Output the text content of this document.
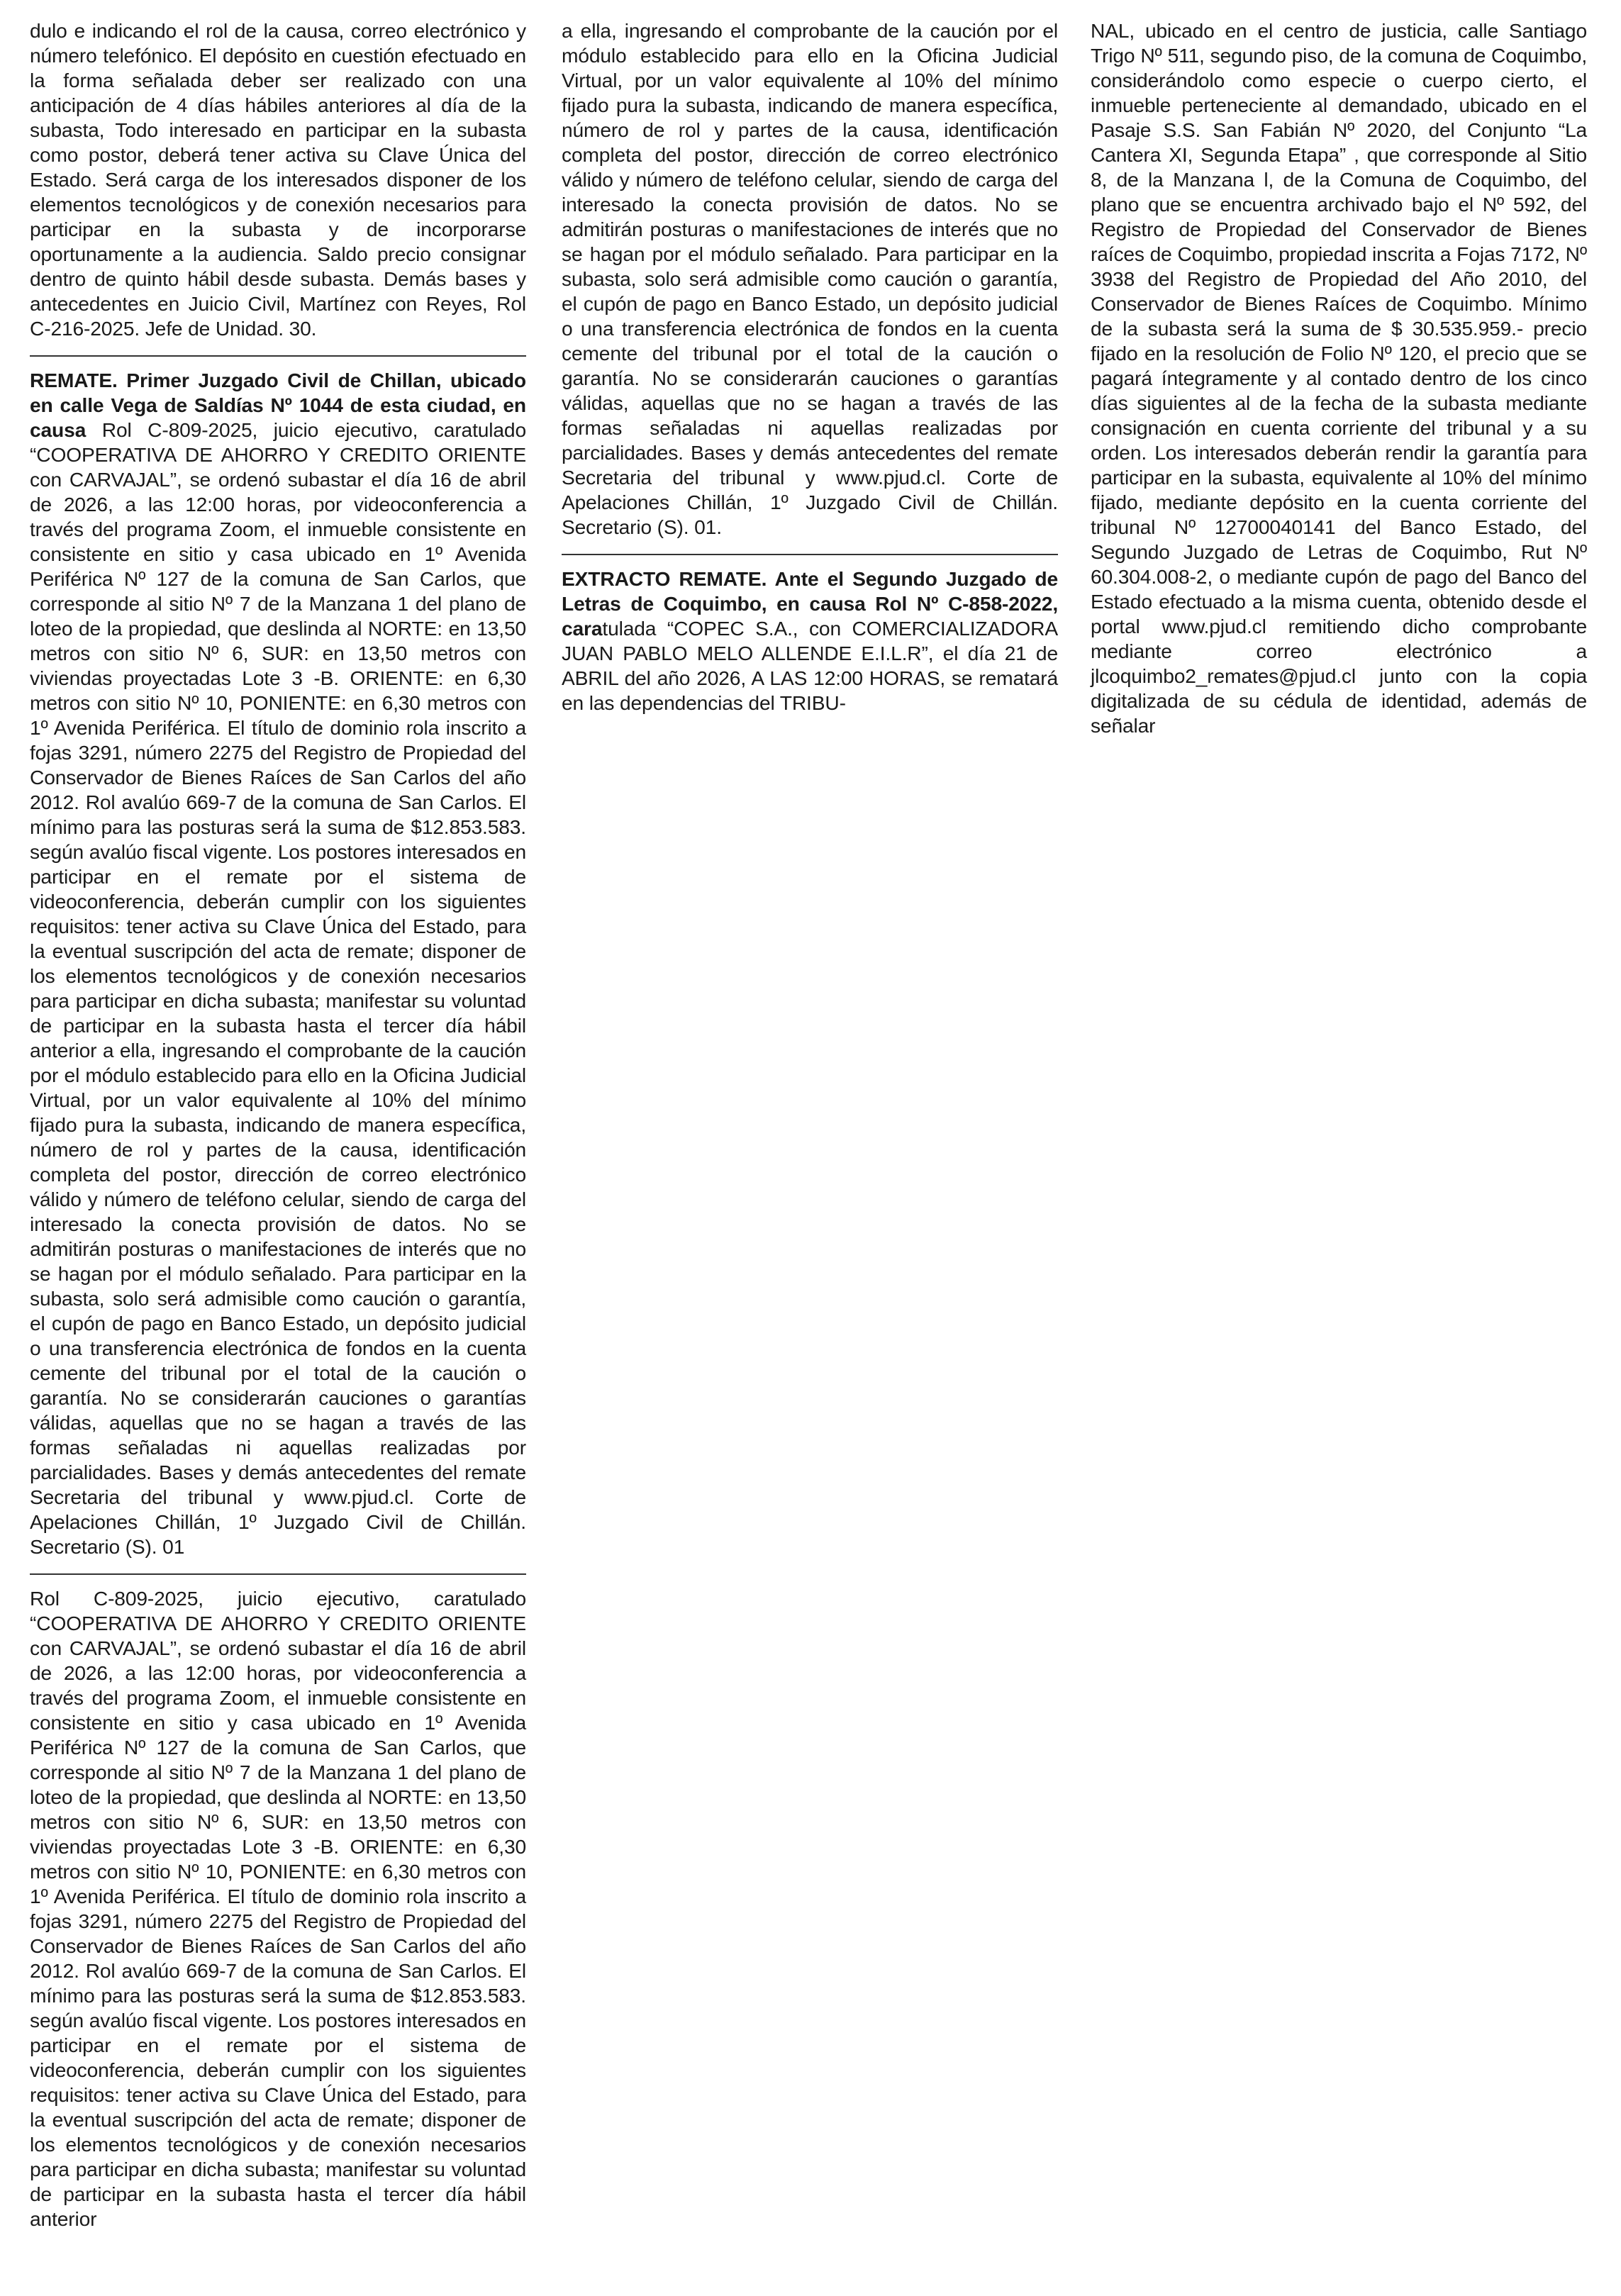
dulo e indicando el rol de la causa, correo electrónico y número telefónico. El depósito en cuestión efectuado en la forma señalada deber ser realizado con una anticipación de 4 días hábiles anteriores al día de la subasta, Todo interesado en participar en la subasta como postor, deberá tener activa su Clave Única del Estado. Será carga de los interesados disponer de los elementos tecnológicos y de conexión necesarios para participar en la subasta y de incorporarse oportunamente a la audiencia. Saldo precio consignar dentro de quinto hábil desde subasta. Demás bases y antecedentes en Juicio Civil, Martínez con Reyes, Rol C-216-2025. Jefe de Unidad. 30.

REMATE. Primer Juzgado Civil de Chillan, ubicado en calle Vega de Saldías Nº 1044 de esta ciudad, en causa Rol C-809-2025, juicio ejecutivo, caratulado “COOPERATIVA DE AHORRO Y CREDITO ORIENTE con CARVAJAL”, se ordenó subastar el día 16 de abril de 2026, a las 12:00 horas, por videoconferencia a través del programa Zoom, el inmueble consistente en consistente en sitio y casa ubicado en 1º Avenida Periférica Nº 127 de la comuna de San Carlos, que corresponde al sitio Nº 7 de la Manzana 1 del plano de loteo de la propiedad, que deslinda al NORTE: en 13,50 metros con sitio Nº 6, SUR: en 13,50 metros con viviendas proyectadas Lote 3 -B. ORIENTE: en 6,30 metros con sitio Nº 10, PONIENTE: en 6,30 metros con 1º Avenida Periférica. El título de dominio rola inscrito a fojas 3291, número 2275 del Registro de Propiedad del Conservador de Bienes Raíces de San Carlos del año 2012. Rol avalúo 669-7 de la comuna de San Carlos. El mínimo para las posturas será la suma de $12.853.583. según avalúo fiscal vigente. Los postores interesados en participar en el remate por el sistema de videoconferencia, deberán cumplir con los siguientes requisitos: tener activa su Clave Única del Estado, para la eventual suscripción del acta de remate; disponer de los elementos tecnológicos y de conexión necesarios para participar en dicha subasta; manifestar su voluntad de participar en la subasta hasta el tercer día hábil anterior a ella, ingresando el comprobante de la caución por el módulo establecido para ello en la Oficina Judicial Virtual, por un valor equivalente al 10% del mínimo fijado pura la subasta, indicando de manera específica, número de rol y partes de la causa, identificación completa del postor, dirección de correo electrónico válido y número de teléfono celular, siendo de carga del interesado la conecta provisión de datos. No se admitirán posturas o manifestaciones de interés que no se hagan por el módulo señalado. Para participar en la subasta, solo será admisible como caución o garantía, el cupón de pago en Banco Estado, un depósito judicial o una transferencia electrónica de fondos en la cuenta cemente del tribunal por el total de la caución o garantía. No se considerarán cauciones o garantías válidas, aquellas que no se hagan a través de las formas señaladas ni aquellas realizadas por parcialidades. Bases y demás antecedentes del remate Secretaria del tribunal y www.pjud.cl. Corte de Apelaciones Chillán, 1º Juzgado Civil de Chillán. Secretario (S). 01

Rol C-809-2025, juicio ejecutivo, caratulado “COOPERATIVA DE AHORRO Y CREDITO ORIENTE con CARVAJAL”, se ordenó subastar el día 16 de abril de 2026, a las 12:00 horas, por videoconferencia a través del programa Zoom, el inmueble consistente en consistente en sitio y casa ubicado en 1º Avenida Periférica Nº 127 de la comuna de San Carlos, que corresponde al sitio Nº 7 de la Manzana 1 del plano de loteo de la propiedad, que deslinda al NORTE: en 13,50 metros con sitio Nº 6, SUR: en 13,50 metros con viviendas proyectadas Lote 3 -B. ORIENTE: en 6,30 metros con sitio Nº 10, PONIENTE: en 6,30 metros con 1º Avenida Periférica. El título de dominio rola inscrito a fojas 3291, número 2275 del Registro de Propiedad del Conservador de Bienes Raíces de San Carlos del año 2012. Rol avalúo 669-7 de la comuna de San Carlos. El mínimo para las posturas será la suma de $12.853.583. según avalúo fiscal vigente. Los postores interesados en participar en el remate por el sistema de videoconferencia, deberán cumplir con los siguientes requisitos: tener activa su Clave Única del Estado, para la eventual suscripción del acta de remate; disponer de los elementos tecnológicos y de conexión necesarios para participar en dicha subasta; manifestar su voluntad de participar en la subasta hasta el tercer día hábil anterior

a ella, ingresando el comprobante de la caución por el módulo establecido para ello en la Oficina Judicial Virtual, por un valor equivalente al 10% del mínimo fijado pura la subasta, indicando de manera específica, número de rol y partes de la causa, identificación completa del postor, dirección de correo electrónico válido y número de teléfono celular, siendo de carga del interesado la conecta provisión de datos. No se admitirán posturas o manifestaciones de interés que no se hagan por el módulo señalado. Para participar en la subasta, solo será admisible como caución o garantía, el cupón de pago en Banco Estado, un depósito judicial o una transferencia electrónica de fondos en la cuenta cemente del tribunal por el total de la caución o garantía. No se considerarán cauciones o garantías válidas, aquellas que no se hagan a través de las formas señaladas ni aquellas realizadas por parcialidades. Bases y demás antecedentes del remate Secretaria del tribunal y www.pjud.cl. Corte de Apelaciones Chillán, 1º Juzgado Civil de Chillán. Secretario (S). 01.

EXTRACTO REMATE. Ante el Segundo Juzgado de Letras de Coquimbo, en causa Rol Nº C-858-2022, caratulada “COPEC S.A., con COMERCIALIZADORA JUAN PABLO MELO ALLENDE E.I.L.R”, el día 21 de ABRIL del año 2026, A LAS 12:00 HORAS, se rematará en las dependencias del TRIBU-

NAL, ubicado en el centro de justicia, calle Santiago Trigo Nº 511, segundo piso, de la comuna de Coquimbo, considerándolo como especie o cuerpo cierto, el inmueble perteneciente al demandado, ubicado en el Pasaje S.S. San Fabián Nº 2020, del Conjunto “La Cantera XI, Segunda Etapa” , que corresponde al Sitio 8, de la Manzana l, de la Comuna de Coquimbo, del plano que se encuentra archivado bajo el Nº 592, del Registro de Propiedad del Conservador de Bienes raíces de Coquimbo, propiedad inscrita a Fojas 7172, Nº 3938 del Registro de Propiedad del Año 2010, del Conservador de Bienes Raíces de Coquimbo. Mínimo de la subasta será la suma de $ 30.535.959.- precio fijado en la resolución de Folio Nº 120, el precio que se pagará íntegramente y al contado dentro de los cinco días siguientes al de la fecha de la subasta mediante consignación en cuenta corriente del tribunal y a su orden. Los interesados deberán rendir la garantía para participar en la subasta, equivalente al 10% del mínimo fijado, mediante depósito en la cuenta corriente del tribunal Nº 12700040141 del Banco Estado, del Segundo Juzgado de Letras de Coquimbo, Rut Nº 60.304.008-2, o mediante cupón de pago del Banco del Estado efectuado a la misma cuenta, obtenido desde el portal www.pjud.cl remitiendo dicho comprobante mediante correo electrónico a jlcoquimbo2_remates@pjud.cl junto con la copia digitalizada de su cédula de identidad, además de señalar
